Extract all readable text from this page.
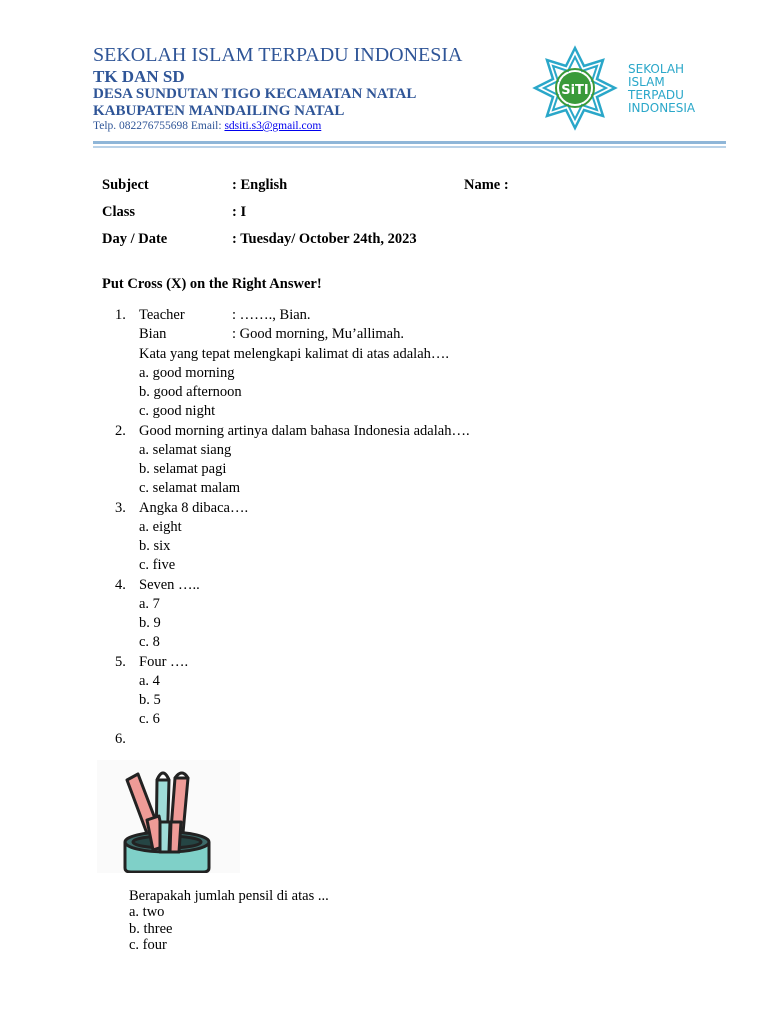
SEKOLAH ISLAM TERPADU INDONESIA
TK DAN SD
DESA SUNDUTAN TIGO KECAMATAN NATAL
KABUPATEN MANDAILING NATAL
Telp. 082276755698 Email: sdsiti.s3@gmail.com
SiTI
SEKOLAH
ISLAM
TERPADU
INDONESIA
Subject	: English	Name :
Class	: I
Day / Date	: Tuesday/ October 24th, 2023
Put Cross (X) on the Right Answer!
1. Teacher	: ……., Bian.
Bian	: Good morning, Mu’allimah.
Kata yang tepat melengkapi kalimat di atas adalah….
a. good morning
b. good afternoon
c. good night
2. Good morning artinya dalam bahasa Indonesia adalah….
a. selamat siang
b. selamat pagi
c. selamat malam
3. Angka 8 dibaca….
a. eight
b. six
c. five
4. Seven …..
a. 7
b. 9
c. 8
5. Four ….
a. 4
b. 5
c. 6
6.
Berapakah jumlah pensil di atas ...
a. two
b. three
c. four
